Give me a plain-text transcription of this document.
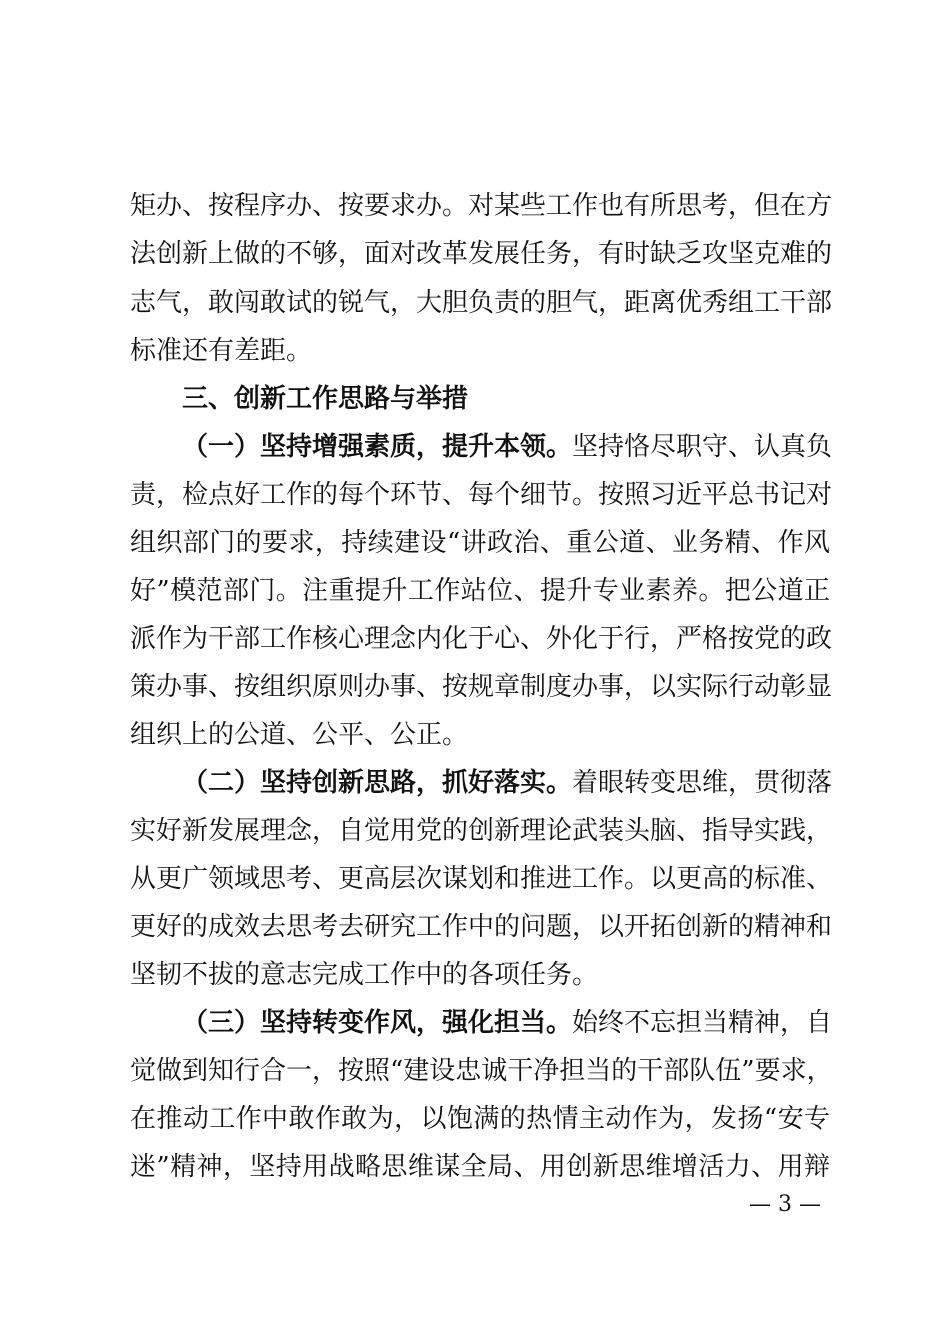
矩办、按程序办、按要求办。对某些工作也有所思考，但在方
法创新上做的不够，面对改革发展任务，有时缺乏攻坚克难的
志气，敢闯敢试的锐气，大胆负责的胆气，距离优秀组工干部
标准还有差距。
三、创新工作思路与举措
（一）坚持增强素质，提升本领。坚持恪尽职守、认真负
责，检点好工作的每个环节、每个细节。按照习近平总书记对
组织部门的要求，持续建设“讲政治、重公道、业务精、作风
好”模范部门。注重提升工作站位、提升专业素养。把公道正
派作为干部工作核心理念内化于心、外化于行，严格按党的政
策办事、按组织原则办事、按规章制度办事，以实际行动彰显
组织上的公道、公平、公正。
（二）坚持创新思路，抓好落实。着眼转变思维，贯彻落
实好新发展理念，自觉用党的创新理论武装头脑、指导实践，
从更广领域思考、更高层次谋划和推进工作。以更高的标准、
更好的成效去思考去研究工作中的问题，以开拓创新的精神和
坚韧不拔的意志完成工作中的各项任务。
（三）坚持转变作风，强化担当。始终不忘担当精神，自
觉做到知行合一，按照“建设忠诚干净担当的干部队伍”要求，
在推动工作中敢作敢为，以饱满的热情主动作为，发扬“安专
迷”精神，坚持用战略思维谋全局、用创新思维增活力、用辩
— 3 —
